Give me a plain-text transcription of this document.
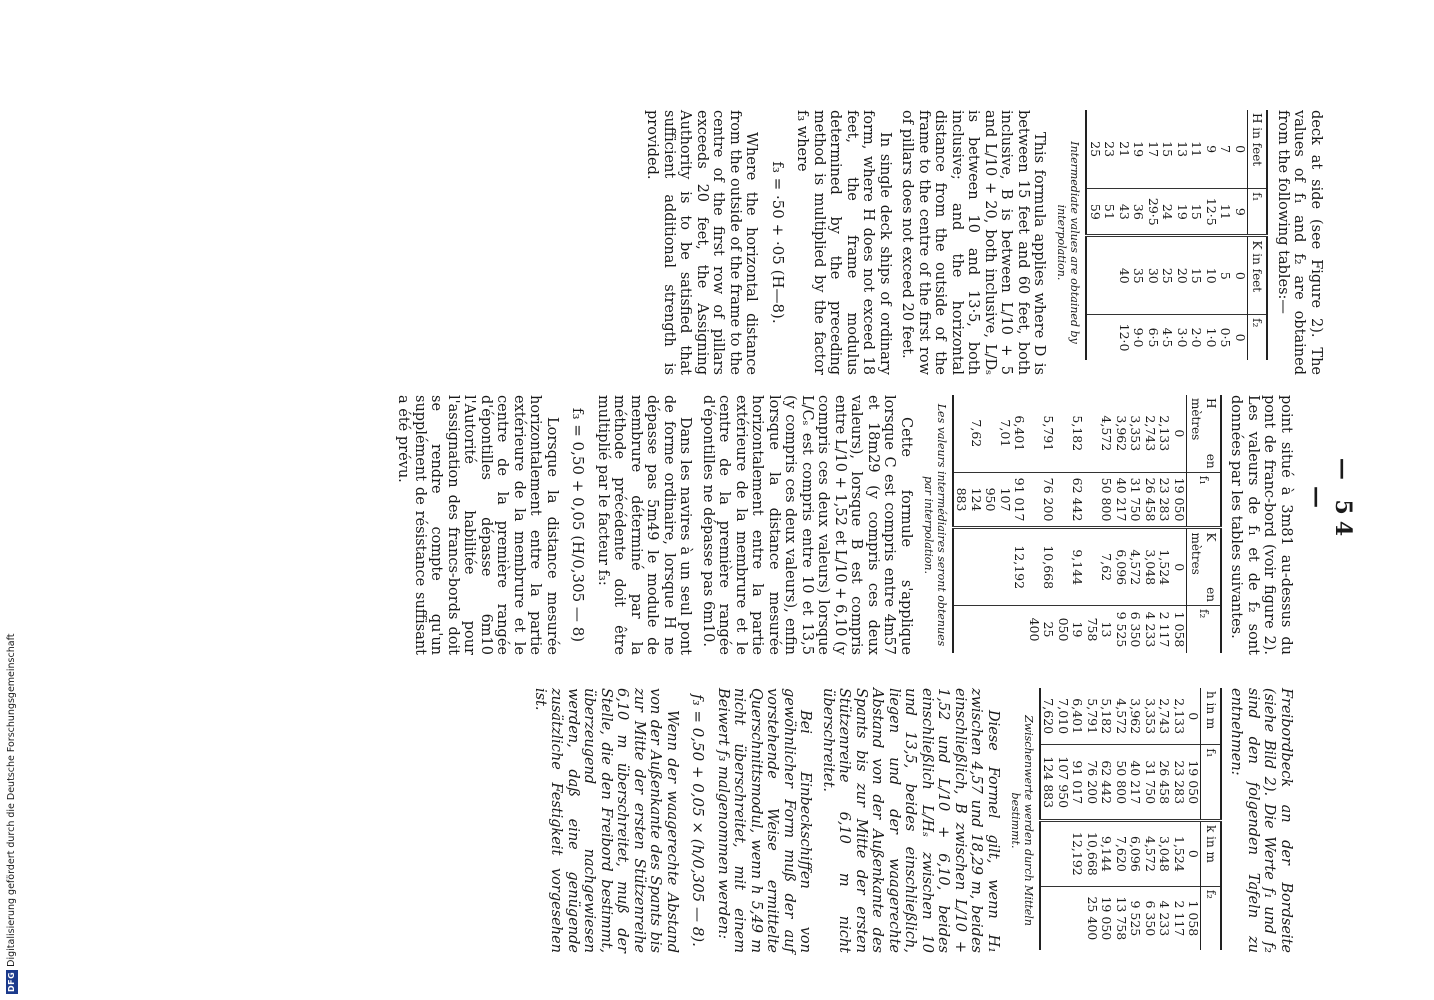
— 54 —

deck at side (see Figure 2). The values of f₁ and f₂ are obtained from the following tables:—

H in feet	f₁	K in feet	f₂
0	9	0	0
7	11	5	0·5
9	12·5	10	1·0
11	15	15	2·0
13	19	20	3·0
15	24	25	4·5
17	29·5	30	6·5
19	36	35	9·0
21	43	40	12·0
23	51		
25	59		
Intermediate values are obtained by interpolation.

This formula applies where D is between 15 feet and 60 feet, both inclusive, B is between L/10 + 5 and L/10 + 20, both inclusive, L/Dₛ is between 10 and 13·5, both inclusive; and the horizontal distance from the outside of the frame to the centre of the first row of pillars does not exceed 20 feet.

In single deck ships of ordinary form, where H does not exceed 18 feet, the frame modulus determined by the preceding method is multiplied by the factor f₃ where

f₃ = ·50 + ·05 (H—8).

Where the horizontal distance from the outside of the frame to the centre of the first row of pillars exceeds 20 feet, the Assigning Authority is to be satisfied that sufficient additional strength is provided.

point situé à 3m81 au-dessus du pont de franc-bord (voir figure 2). Les valeurs de f₁ et de f₂ sont données par les tables suivantes.

H en mètres	f₁	K en mètres	f₂
0	19 050	0	1 058
2,133	23 283	1,524	2 117
2,743	26 458	3,048	4 233
3,353	31 750	4,572	6 350
3,962	40 217	6,096	9 525
4,572	50 800	7,62	13 758
5,182	62 442	9,144	19 050
5,791	76 200	10,668	25 400
6,401	91 017	12,192	
7,01	107 950		
7,62	124 883		
Les valeurs intermédiaires seront obtenues par interpolation.

Cette formule s'applique lorsque C est compris entre 4m57 et 18m29 (y compris ces deux valeurs), lorsque B est compris entre L/10 + 1,52 et L/10 + 6,10 (y compris ces deux valeurs) lorsque L/Cₛ est compris entre 10 et 13,5 (y compris ces deux valeurs), enfin lorsque la distance mesurée horizontalement entre la partie extérieure de la membrure et le centre de la première rangée d'épontilles ne dépasse pas 6m10.

Dans les navires à un seul pont de forme ordinaire, lorsque H ne dépasse pas 5m49 le module de membrure déterminé par la méthode précédente doit être multiplié par le facteur f₃:

f₃ = 0,50 + 0,05 (H/0,305 — 8)

Lorsque la distance mesurée horizontalement entre la partie extérieure de la membrure et le centre de la première rangée d'épontilles dépasse 6m10 l'Autorité habilitée pour l'assignation des francs-bords doit se rendre compte qu'un supplément de résistance suffisant a été prévu.

Freibordbeck an der Bordseite (siehe Bild 2). Die Werte f₁ und f₂ sind den folgenden Tafeln zu entnehmen:

h in m	f₁	k in m	f₂
0	19 050	0	1 058
2,133	23 283	1,524	2 117
2,743	26 458	3,048	4 233
3,353	31 750	4,572	6 350
3,962	40 217	6,096	9 525
4,572	50 800	7,620	13 758
5,182	62 442	9,144	19 050
5,791	76 200	10,668	25 400
6,401	91 017	12,192	
7,010	107 950		
7,620	124 883		
Zwischenwerte werden durch Mitteln bestimmt.

Diese Formel gilt, wenn H₁ zwischen 4,57 und 18,29 m, beides einschließlich, B zwischen L/10 + 1,52 und L/10 + 6,10, beides einschließlich L/Hₛ zwischen 10 und 13,5, beides einschließlich, liegen und der waagerechte Abstand von der Außenkante des Spants bis zur Mitte der ersten Stützenreihe 6,10 m nicht überschreitet.

Bei Einbeckschiffen von gewöhnlicher Form muß der auf vorstehende Weise ermittelte Querschnittsmodul, wenn h 5,49 m nicht überschreitet, mit einem Beiwert f₃ malgenommen werden:

f₃ = 0,50 + 0,05 × (h/0,305 — 8).

Wenn der waagerechte Abstand von der Außenkante des Spants bis zur Mitte der ersten Stützenreihe 6,10 m überschreitet, muß der Stelle, die den Freibord bestimmt, überzeugend nachgewiesen werden, daß eine genügende zusätzliche Festigkeit vorgesehen ist.

DFGDigitalisierung gefördert durch die Deutsche Forschungsgemeinschaft
